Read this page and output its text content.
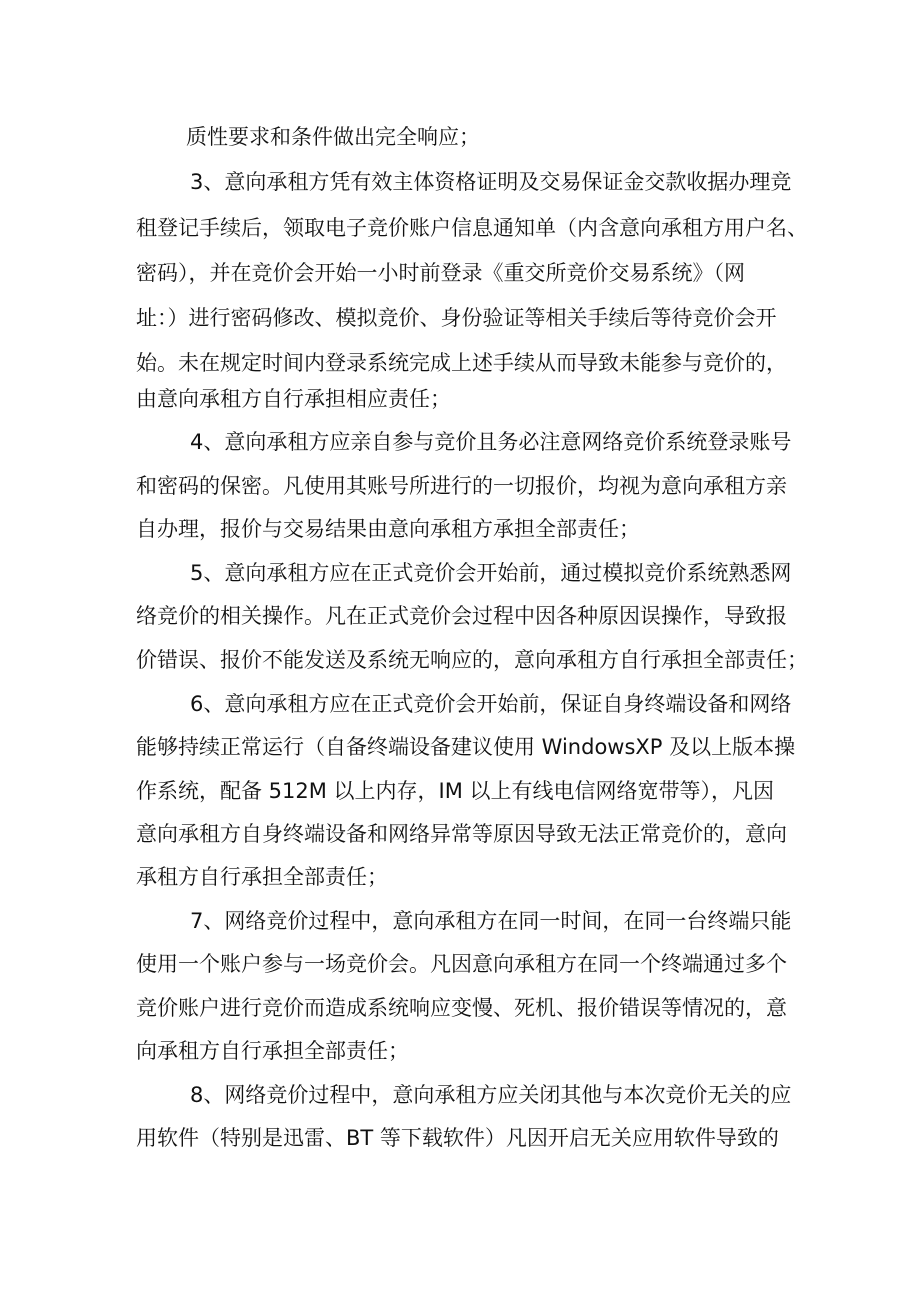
质性要求和条件做出完全响应；
3、意向承租方凭有效主体资格证明及交易保证金交款收据办理竞
租登记手续后，领取电子竞价账户信息通知单（内含意向承租方用户名、
密码），并在竞价会开始一小时前登录《重交所竞价交易系统》（网
址：）进行密码修改、模拟竞价、身份验证等相关手续后等待竞价会开
始。未在规定时间内登录系统完成上述手续从而导致未能参与竞价的，
由意向承租方自行承担相应责任；
4、意向承租方应亲自参与竞价且务必注意网络竞价系统登录账号
和密码的保密。凡使用其账号所进行的一切报价，均视为意向承租方亲
自办理，报价与交易结果由意向承租方承担全部责任；
5、意向承租方应在正式竞价会开始前，通过模拟竞价系统熟悉网
络竞价的相关操作。凡在正式竞价会过程中因各种原因误操作，导致报
价错误、报价不能发送及系统无响应的，意向承租方自行承担全部责任；
6、意向承租方应在正式竞价会开始前，保证自身终端设备和网络
能够持续正常运行（自备终端设备建议使用 WindowsXP 及以上版本操
作系统，配备 512M 以上内存，IM 以上有线电信网络宽带等），凡因
意向承租方自身终端设备和网络异常等原因导致无法正常竞价的，意向
承租方自行承担全部责任；
7、网络竞价过程中，意向承租方在同一时间，在同一台终端只能
使用一个账户参与一场竞价会。凡因意向承租方在同一个终端通过多个
竞价账户进行竞价而造成系统响应变慢、死机、报价错误等情况的，意
向承租方自行承担全部责任；
8、网络竞价过程中，意向承租方应关闭其他与本次竞价无关的应
用软件（特别是迅雷、BT 等下载软件）凡因开启无关应用软件导致的
